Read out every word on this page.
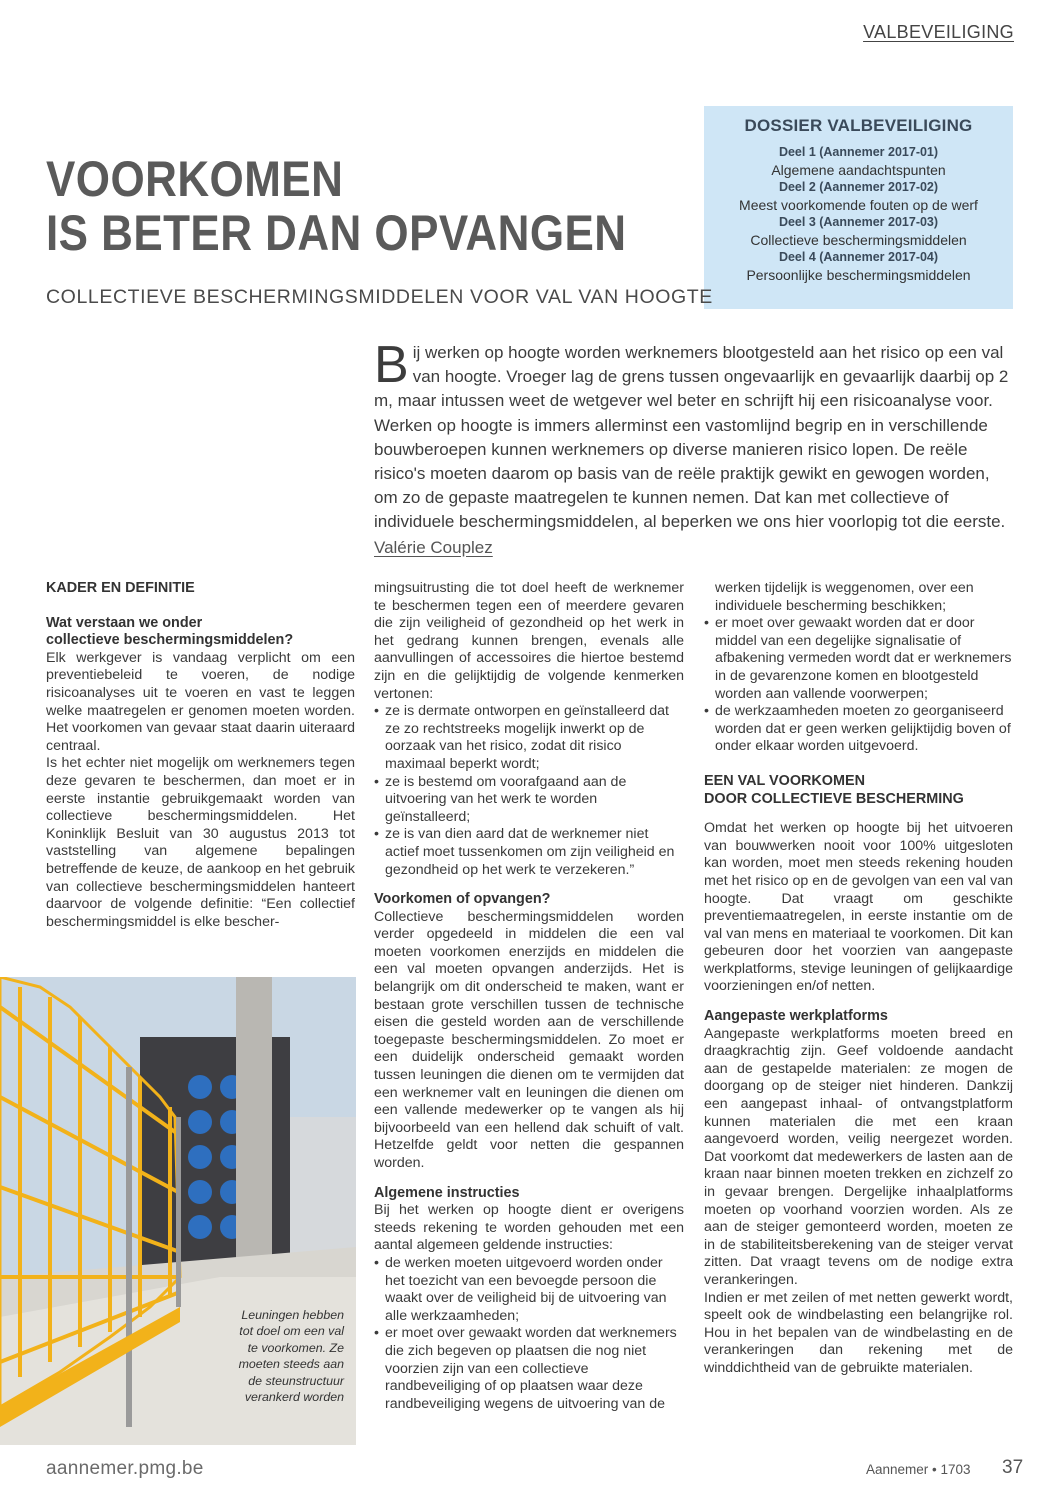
VALBEVEILIGING
DOSSIER VALBEVEILIGING
Deel 1 (Aannemer 2017-01)
Algemene aandachtspunten
Deel 2 (Aannemer 2017-02)
Meest voorkomende fouten op de werf
Deel 3 (Aannemer 2017-03)
Collectieve beschermingsmiddelen
Deel 4 (Aannemer 2017-04)
Persoonlijke beschermingsmiddelen
VOORKOMEN
IS BETER DAN OPVANGEN
COLLECTIEVE BESCHERMINGSMIDDELEN VOOR VAL VAN HOOGTE

Bij werken op hoogte worden werknemers blootgesteld aan het risico op een val van hoogte. Vroeger lag de grens tussen ongevaarlijk en gevaarlijk daarbij op 2 m, maar intussen weet de wetgever wel beter en schrijft hij een risicoanalyse voor. Werken op hoogte is immers allerminst een vastomlijnd begrip en in verschillende bouwberoepen kunnen werknemers op diverse manieren risico lopen. De reële risico's moeten daarom op basis van de reële praktijk gewikt en gewogen worden, om zo de gepaste maatregelen te kunnen nemen. Dat kan met collectieve of individuele beschermingsmiddelen, al beperken we ons hier voorlopig tot die eerste.

Valérie Couplez
KADER EN DEFINITIE
Wat verstaan we onder
collectieve beschermingsmiddelen?

Elk werkgever is vandaag verplicht om een preventiebeleid te voeren, de nodige risicoanalyses uit te voeren en vast te leggen welke maatregelen er genomen moeten worden. Het voorkomen van gevaar staat daarin uiteraard centraal.

Is het echter niet mogelijk om werknemers tegen deze gevaren te beschermen, dan moet er in eerste instantie gebruikgemaakt worden van collectieve beschermingsmiddelen. Het Koninklijk Besluit van 30 augustus 2013 tot vaststelling van algemene bepalingen betreffende de keuze, de aankoop en het gebruik van collectieve beschermingsmiddelen hanteert daarvoor de volgende definitie: “Een collectief beschermingsmiddel is elke bescher-

Leuningen hebben tot doel om een val te voorkomen. Ze moeten steeds aan de steunstructuur verankerd worden

mingsuitrusting die tot doel heeft de werknemer te beschermen tegen een of meerdere gevaren die zijn veiligheid of gezondheid op het werk in het gedrang kunnen brengen, evenals alle aanvullingen of accessoires die hiertoe bestemd zijn en die gelijktijdig de volgende kenmerken vertonen:

• ze is dermate ontworpen en geïnstalleerd dat ze zo rechtstreeks mogelijk inwerkt op de oorzaak van het risico, zodat dit risico maximaal beperkt wordt;
• ze is bestemd om voorafgaand aan de uitvoering van het werk te worden geïnstalleerd;
• ze is van dien aard dat de werknemer niet actief moet tussenkomen om zijn veiligheid en gezondheid op het werk te verzekeren.”
Voorkomen of opvangen?

Collectieve beschermingsmiddelen worden verder opgedeeld in middelen die een val moeten voorkomen enerzijds en middelen die een val moeten opvangen anderzijds. Het is belangrijk om dit onderscheid te maken, want er bestaan grote verschillen tussen de technische eisen die gesteld worden aan de verschillende toegepaste beschermingsmiddelen. Zo moet er een duidelijk onderscheid gemaakt worden tussen leuningen die dienen om te vermijden dat een werknemer valt en leuningen die dienen om een vallende medewerker op te vangen als hij bijvoorbeeld van een hellend dak schuift of valt. Hetzelfde geldt voor netten die gespannen worden.

Algemene instructies

Bij het werken op hoogte dient er overigens steeds rekening te worden gehouden met een aantal algemeen geldende instructies:

• de werken moeten uitgevoerd worden onder het toezicht van een bevoegde persoon die waakt over de veiligheid bij de uitvoering van alle werkzaamheden;
• er moet over gewaakt worden dat werknemers die zich begeven op plaatsen die nog niet voorzien zijn van een collectieve randbeveiliging of op plaatsen waar deze randbeveiliging wegens de uitvoering van de

werken tijdelijk is weggenomen, over een individuele bescherming beschikken;

• er moet over gewaakt worden dat er door middel van een degelijke signalisatie of afbakening vermeden wordt dat er werknemers in de gevarenzone komen en blootgesteld worden aan vallende voorwerpen;
• de werkzaamheden moeten zo georganiseerd worden dat er geen werken gelijktijdig boven of onder elkaar worden uitgevoerd.
EEN VAL VOORKOMEN
DOOR COLLECTIEVE BESCHERMING

Omdat het werken op hoogte bij het uitvoeren van bouwwerken nooit voor 100% uitgesloten kan worden, moet men steeds rekening houden met het risico op en de gevolgen van een val van hoogte. Dat vraagt om geschikte preventiemaatregelen, in eerste instantie om de val van mens en materiaal te voorkomen. Dit kan gebeuren door het voorzien van aangepaste werkplatforms, stevige leuningen of gelijkaardige voorzieningen en/of netten.

Aangepaste werkplatforms

Aangepaste werkplatforms moeten breed en draagkrachtig zijn. Geef voldoende aandacht aan de gestapelde materialen: ze mogen de doorgang op de steiger niet hinderen. Dankzij een aangepast inhaal- of ontvangstplatform kunnen materialen die met een kraan aangevoerd worden, veilig neergezet worden. Dat voorkomt dat medewerkers de lasten aan de kraan naar binnen moeten trekken en zichzelf zo in gevaar brengen. Dergelijke inhaalplatforms moeten op voorhand voorzien worden. Als ze aan de steiger gemonteerd worden, moeten ze in de stabiliteitsberekening van de steiger vervat zitten. Dat vraagt tevens om de nodige extra verankeringen.

Indien er met zeilen of met netten gewerkt wordt, speelt ook de windbelasting een belangrijke rol. Hou in het bepalen van de windbelasting en de verankeringen dan rekening met de winddichtheid van de gebruikte materialen.

aannemer.pmg.be	Aannemer • 1703 37
